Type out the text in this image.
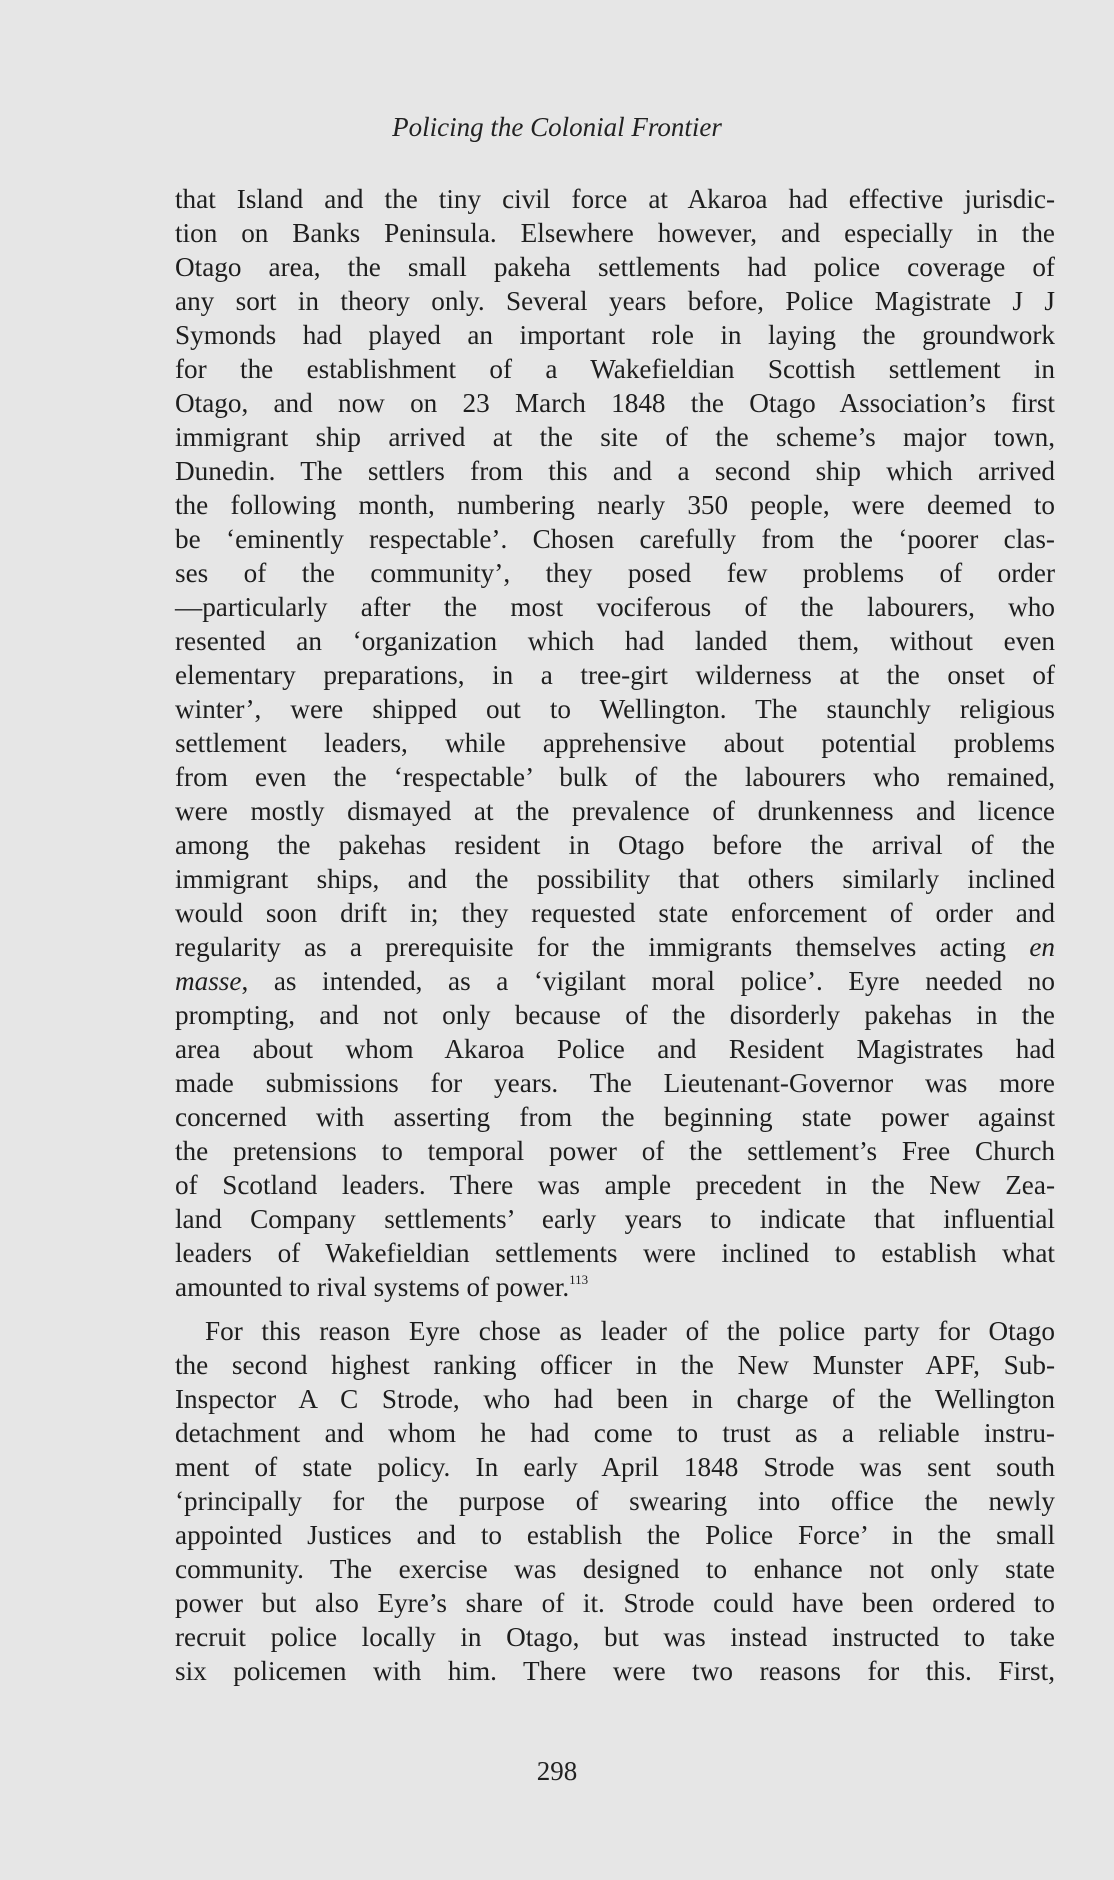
Policing the Colonial Frontier
that Island and the tiny civil force at Akaroa had effective jurisdic-
tion on Banks Peninsula. Elsewhere however, and especially in the
Otago area, the small pakeha settlements had police coverage of
any sort in theory only. Several years before, Police Magistrate J J
Symonds had played an important role in laying the groundwork
for the establishment of a Wakefieldian Scottish settlement in
Otago, and now on 23 March 1848 the Otago Association’s first
immigrant ship arrived at the site of the scheme’s major town,
Dunedin. The settlers from this and a second ship which arrived
the following month, numbering nearly 350 people, were deemed to
be ‘eminently respectable’. Chosen carefully from the ‘poorer clas-
ses of the community’, they posed few problems of order
—particularly after the most vociferous of the labourers, who
resented an ‘organization which had landed them, without even
elementary preparations, in a tree-girt wilderness at the onset of
winter’, were shipped out to Wellington. The staunchly religious
settlement leaders, while apprehensive about potential problems
from even the ‘respectable’ bulk of the labourers who remained,
were mostly dismayed at the prevalence of drunkenness and licence
among the pakehas resident in Otago before the arrival of the
immigrant ships, and the possibility that others similarly inclined
would soon drift in; they requested state enforcement of order and
regularity as a prerequisite for the immigrants themselves acting en
masse, as intended, as a ‘vigilant moral police’. Eyre needed no
prompting, and not only because of the disorderly pakehas in the
area about whom Akaroa Police and Resident Magistrates had
made submissions for years. The Lieutenant-Governor was more
concerned with asserting from the beginning state power against
the pretensions to temporal power of the settlement’s Free Church
of Scotland leaders. There was ample precedent in the New Zea-
land Company settlements’ early years to indicate that influential
leaders of Wakefieldian settlements were inclined to establish what
amounted to rival systems of power.$^{113}$
For this reason Eyre chose as leader of the police party for Otago
the second highest ranking officer in the New Munster APF, Sub-
Inspector A C Strode, who had been in charge of the Wellington
detachment and whom he had come to trust as a reliable instru-
ment of state policy. In early April 1848 Strode was sent south
‘principally for the purpose of swearing into office the newly
appointed Justices and to establish the Police Force’ in the small
community. The exercise was designed to enhance not only state
power but also Eyre’s share of it. Strode could have been ordered to
recruit police locally in Otago, but was instead instructed to take
six policemen with him. There were two reasons for this. First,
298
